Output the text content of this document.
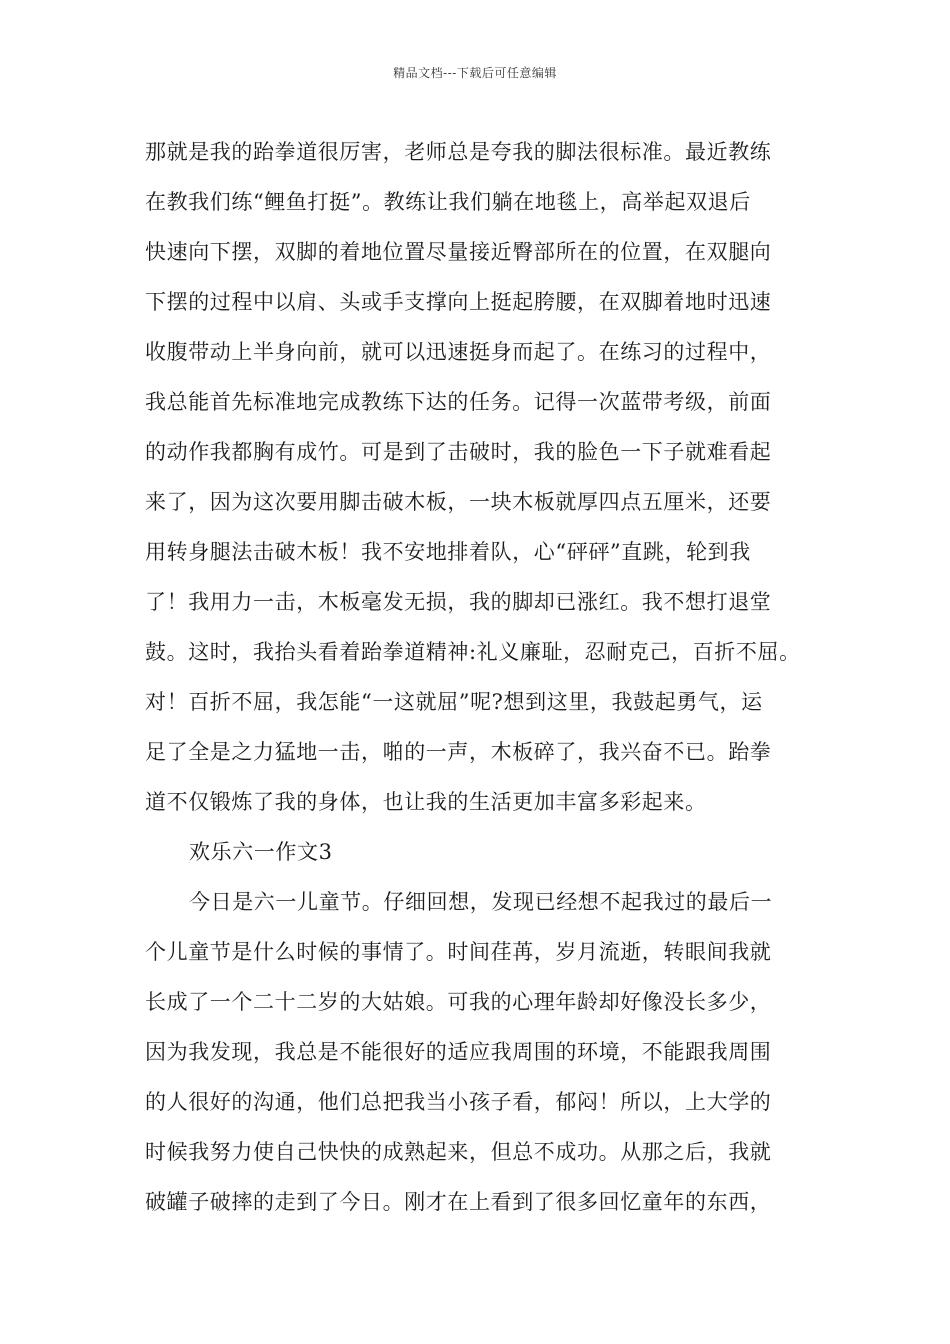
精品文档---下载后可任意编辑
那就是我的跆拳道很厉害，老师总是夸我的脚法很标准。最近教练
在教我们练“鲤鱼打挺”。教练让我们躺在地毯上，高举起双退后
快速向下摆，双脚的着地位置尽量接近臀部所在的位置，在双腿向
下摆的过程中以肩、头或手支撑向上挺起胯腰，在双脚着地时迅速
收腹带动上半身向前，就可以迅速挺身而起了。在练习的过程中，
我总能首先标准地完成教练下达的任务。记得一次蓝带考级，前面
的动作我都胸有成竹。可是到了击破时，我的脸色一下子就难看起
来了，因为这次要用脚击破木板，一块木板就厚四点五厘米，还要
用转身腿法击破木板！我不安地排着队，心“砰砰”直跳，轮到我
了！我用力一击，木板毫发无损，我的脚却已涨红。我不想打退堂
鼓。这时，我抬头看着跆拳道精神:礼义廉耻，忍耐克己，百折不屈。
对！百折不屈，我怎能“一这就屈”呢?想到这里，我鼓起勇气，运
足了全是之力猛地一击，啪的一声，木板碎了，我兴奋不已。跆拳
道不仅锻炼了我的身体，也让我的生活更加丰富多彩起来。
欢乐六一作文3
今日是六一儿童节。仔细回想，发现已经想不起我过的最后一
个儿童节是什么时候的事情了。时间荏苒，岁月流逝，转眼间我就
长成了一个二十二岁的大姑娘。可我的心理年龄却好像没长多少，
因为我发现，我总是不能很好的适应我周围的环境，不能跟我周围
的人很好的沟通，他们总把我当小孩子看，郁闷！所以，上大学的
时候我努力使自己快快的成熟起来，但总不成功。从那之后，我就
破罐子破摔的走到了今日。刚才在上看到了很多回忆童年的东西，
